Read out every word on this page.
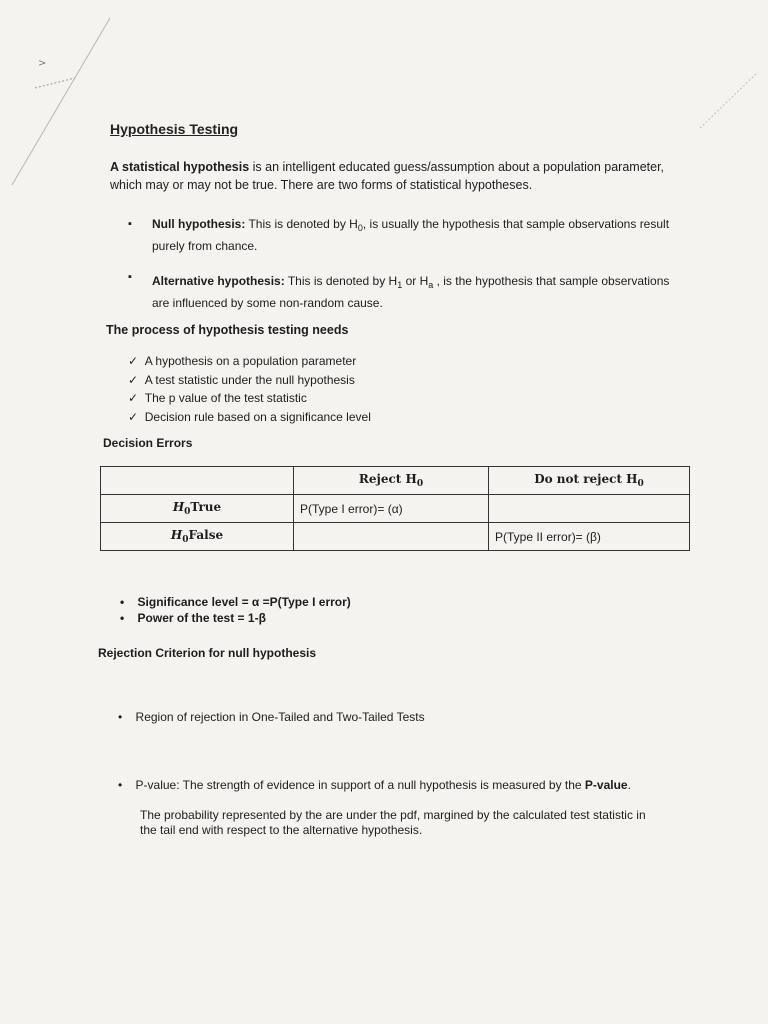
>
Hypothesis Testing
A statistical hypothesis is an intelligent educated guess/assumption about a population parameter,
which may or may not be true. There are two forms of statistical hypotheses.
▪ Null hypothesis: This is denoted by $H_0$, is usually the hypothesis that sample observations result
purely from chance.
▪ Alternative hypothesis: This is denoted by $H_1$ or $H_a$ , is the hypothesis that sample observations
are influenced by some non-random cause.
The process of hypothesis testing needs
✓ A hypothesis on a population parameter
✓ A test statistic under the null hypothesis
✓ The p value of the test statistic
✓ Decision rule based on a significance level
Decision Errors
	Reject $H_0$	Do not reject $H_0$
$H_0True$	P(Type I error)= (α)	
$H_0False$		P(Type II error)= (β)
• Significance level = α =P(Type I error)
• Power of the test = 1-β
Rejection Criterion for null hypothesis
• Region of rejection in One-Tailed and Two-Tailed Tests
• P-value: The strength of evidence in support of a null hypothesis is measured by the P-value.
The probability represented by the are under the pdf, margined by the calculated test statistic in
the tail end with respect to the alternative hypothesis.
